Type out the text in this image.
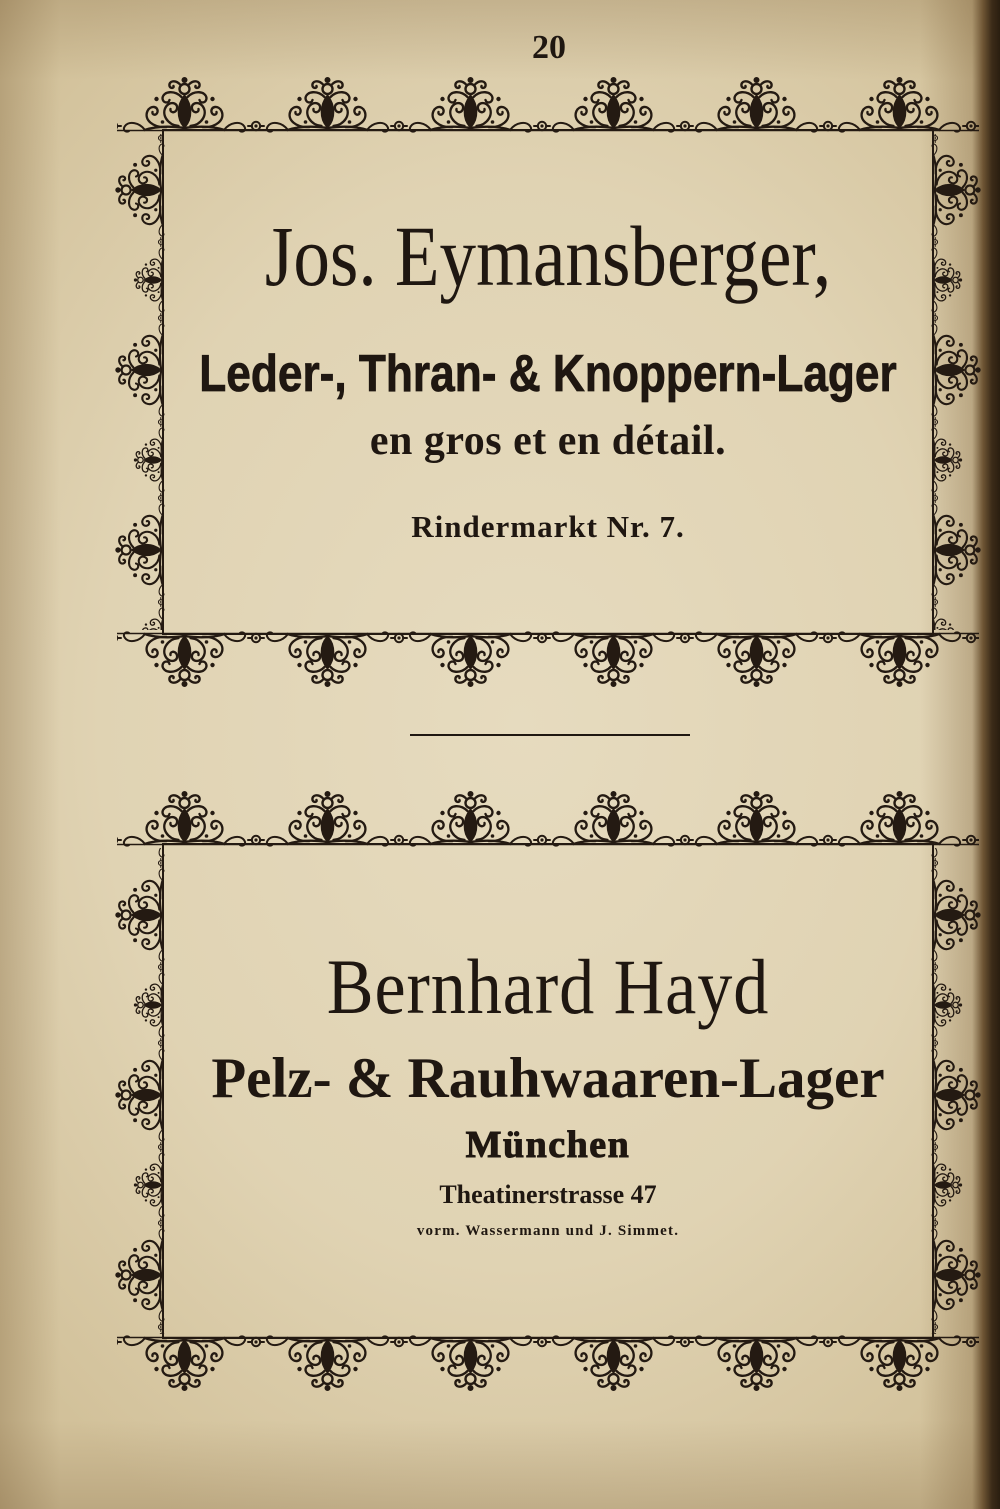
20
Jos. Eymansberger,
Leder-, Thran- & Knoppern-Lager
en gros et en détail.
Rindermarkt Nr. 7.
Bernhard Hayd
Pelz- & Rauhwaaren-Lager
München
Theatinerstrasse 47
vorm. Wassermann und J. Simmet.
